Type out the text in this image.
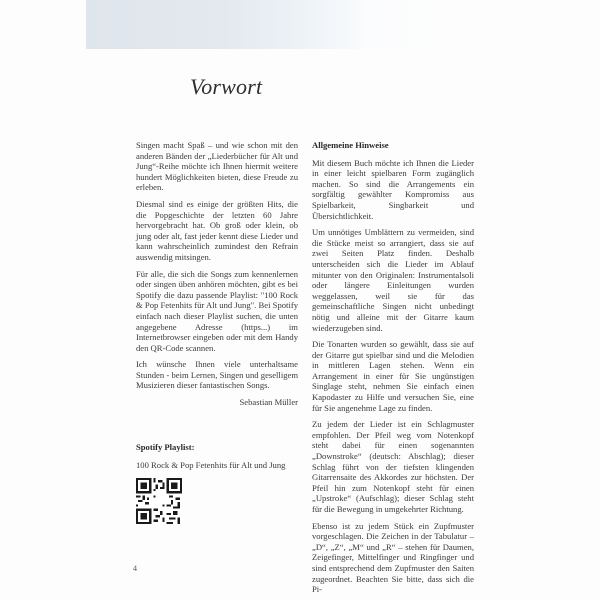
Vorwort

Singen macht Spaß – und wie schon mit den anderen Bänden der „Liederbücher für Alt und Jung“-Reihe möchte ich Ihnen hiermit weitere hundert Möglichkeiten bieten, diese Freude zu erleben.

Diesmal sind es einige der größten Hits, die die Popgeschichte der letzten 60 Jahre hervorgebracht hat. Ob groß oder klein, ob jung oder alt, fast jeder kennt diese Lieder und kann wahrscheinlich zumindest den Refrain auswendig mitsingen.

Für alle, die sich die Songs zum kennenlernen oder singen üben anhören möchten, gibt es bei Spotify die dazu passende Playlist: "100 Rock & Pop Fetenhits für Alt und Jung". Bei Spotify einfach nach dieser Playlist suchen, die unten angegebene Adresse (https...) im Internetbrowser eingeben oder mit dem Handy den QR-Code scannen.

Ich wünsche Ihnen viele unterhaltsame Stunden - beim Lernen, Singen und geselligem Musizieren dieser fantastischen Songs.

Sebastian Müller

Spotify Playlist:

100 Rock & Pop Fetenhits für Alt und Jung

Allgemeine Hinweise

Mit diesem Buch möchte ich Ihnen die Lieder in einer leicht spielbaren Form zugänglich machen. So sind die Arrangements ein sorgfältig gewählter Kompromiss aus Spielbarkeit, Singbarkeit und Übersichtlichkeit.

Um unnötiges Umblättern zu vermeiden, sind die Stücke meist so arrangiert, dass sie auf zwei Seiten Platz finden. Deshalb unterscheiden sich die Lieder im Ablauf mitunter von den Originalen: Instrumentalsoli oder längere Einleitungen wurden weggelassen, weil sie für das gemeinschaftliche Singen nicht unbedingt nötig und alleine mit der Gitarre kaum wiederzugeben sind.

Die Tonarten wurden so gewählt, dass sie auf der Gitarre gut spielbar sind und die Melodien in mittleren Lagen stehen. Wenn ein Arrangement in einer für Sie ungünstigen Singlage steht, nehmen Sie einfach einen Kapodaster zu Hilfe und versuchen Sie, eine für Sie angenehme Lage zu finden.

Zu jedem der Lieder ist ein Schlagmuster empfohlen. Der Pfeil weg vom Notenkopf steht dabei für einen sogenannten „Downstroke“ (deutsch: Abschlag); dieser Schlag führt von der tiefsten klingenden Gitarrensaite des Akkordes zur höchsten. Der Pfeil hin zum Notenkopf steht für einen „Upstroke“ (Aufschlag); dieser Schlag steht für die Bewegung in umgekehrter Richtung.

Ebenso ist zu jedem Stück ein Zupfmuster vorgeschlagen. Die Zeichen in der Tabulatur – „D“, „Z“, „M“ und „R“ – stehen für Daumen, Zeigefinger, Mittelfinger und Ringfinger und sind entsprechend dem Zupfmuster den Saiten zugeordnet. Beachten Sie bitte, dass sich die Pi-

4
